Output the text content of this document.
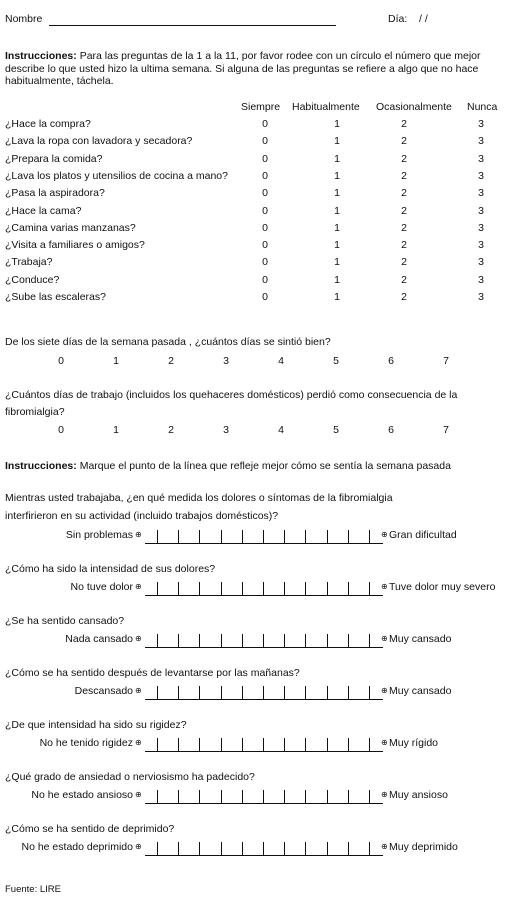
Nombre	Día: / /
Instrucciones: Para las preguntas de la 1 a la 11, por favor rodee con un círculo el número que mejor describe lo que usted hizo la ultima semana. Si alguna de las preguntas se refiere a algo que no hace habitualmente, táchela.
Siempre Habitualmente Ocasionalmente Nunca
¿Hace la compra?	0	1	2	3
¿Lava la ropa con lavadora y secadora?	0	1	2	3
¿Prepara la comida?	0	1	2	3
¿Lava los platos y utensilios de cocina a mano?	0	1	2	3
¿Pasa la aspiradora?	0	1	2	3
¿Hace la cama?	0	1	2	3
¿Camina varias manzanas?	0	1	2	3
¿Visita a familiares o amigos?	0	1	2	3
¿Trabaja?	0	1	2	3
¿Conduce?	0	1	2	3
¿Sube las escaleras?	0	1	2	3
De los siete días de la semana pasada , ¿cuántos días se sintió bien?
0	1	2	3	4	5	6	7
¿Cuántos días de trabajo (incluidos los quehaceres domésticos) perdió como consecuencia de la
fibromialgia?
0	1	2	3	4	5	6	7
Instrucciones: Marque el punto de la línea que refleje mejor cómo se sentía la semana pasada
Mientras usted trabajaba, ¿en qué medida los dolores o síntomas de la fibromialgia
interfirieron en su actividad (incluido trabajos domésticos)?
Sin problemas ⊕	⊕ Gran dificultad
¿Cómo ha sido la intensidad de sus dolores?
No tuve dolor ⊕	⊕ Tuve dolor muy severo
¿Se ha sentido cansado?
Nada cansado ⊕	⊕ Muy cansado
¿Cómo se ha sentido después de levantarse por las mañanas?
Descansado ⊕	⊕ Muy cansado
¿De que intensidad ha sido su rigidez?
No he tenido rigidez ⊕	⊕ Muy rígido
¿Qué grado de ansiedad o nerviosismo ha padecido?
No he estado ansioso ⊕	⊕ Muy ansioso
¿Cómo se ha sentido de deprimido?
No he estado deprimido ⊕	⊕ Muy deprimido
Fuente: LIRE
